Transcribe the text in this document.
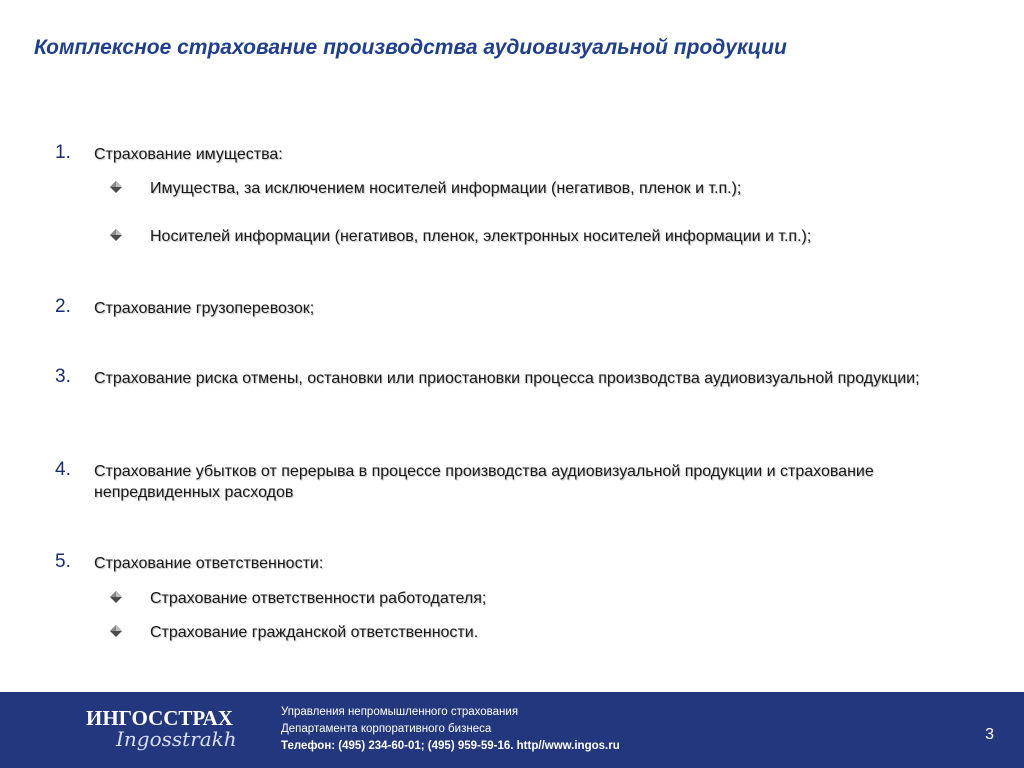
Комплексное страхование производства аудиовизуальной продукции
1. Страхование имущества:
Имущества, за исключением носителей информации (негативов, пленок и т.п.);
Носителей информации (негативов, пленок, электронных носителей информации и т.п.);
2. Страхование грузоперевозок;
3. Страхование риска отмены, остановки или приостановки процесса производства аудиовизуальной продукции;
4. Страхование убытков от перерыва в процессе производства аудиовизуальной продукции и страхование непредвиденных расходов
5. Страхование ответственности:
Страхование ответственности работодателя;
Страхование гражданской ответственности.
ИНГОССТРАХ
Ingosstrakh
Управления непромышленного страхования
Департамента корпоративного бизнеса
Телефон: (495) 234-60-01; (495) 959-59-16. http//www.ingos.ru
3
